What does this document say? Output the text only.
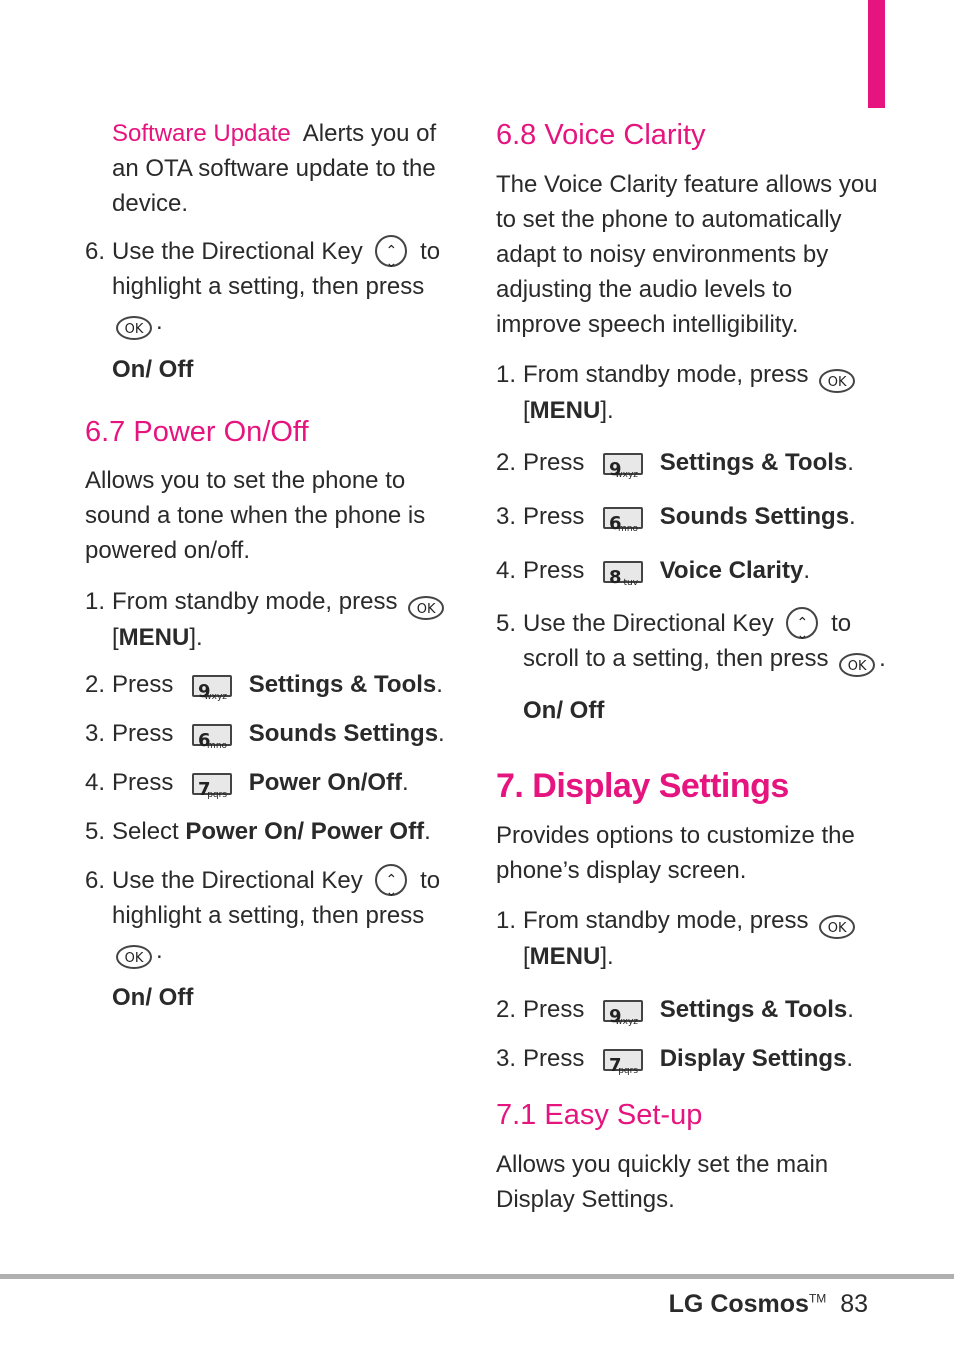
Software Update Alerts you of
an OTA software update to the
device.

6. Use the Directional Key ⌃ ⌄ to
highlight a setting, then press
OK .

On/ Off

6.7 Power On/Off

Allows you to set the phone to
sound a tone when the phone is
powered on/off.

1. From standby mode, press OK
[MENU].

2. Press 9
wxyz Settings & Tools.

3. Press 6
mno Sounds Settings.

4. Press 7
pqrs Power On/Off.

5. Select Power On/ Power Off.

6. Use the Directional Key ⌃ ⌄ to
highlight a setting, then press
OK .

On/ Off

6.8 Voice Clarity

The Voice Clarity feature allows you
to set the phone to automatically
adapt to noisy environments by
adjusting the audio levels to
improve speech intelligibility.

1. From standby mode, press OK
[MENU].

2. Press 9
wxyz Settings & Tools.

3. Press 6
mno Sounds Settings.

4. Press 8 tuv Voice Clarity.

5. Use the Directional Key ⌃ ⌄ to
scroll to a setting, then press OK .

On/ Off

7. Display Settings

Provides options to customize the
phone’s display screen.

1. From standby mode, press OK
[MENU].

2. Press 9
wxyz Settings & Tools.

3. Press 7
pqrs Display Settings.

7.1 Easy Set-up

Allows you quickly set the main
Display Settings.

LG Cosmos™ 83
